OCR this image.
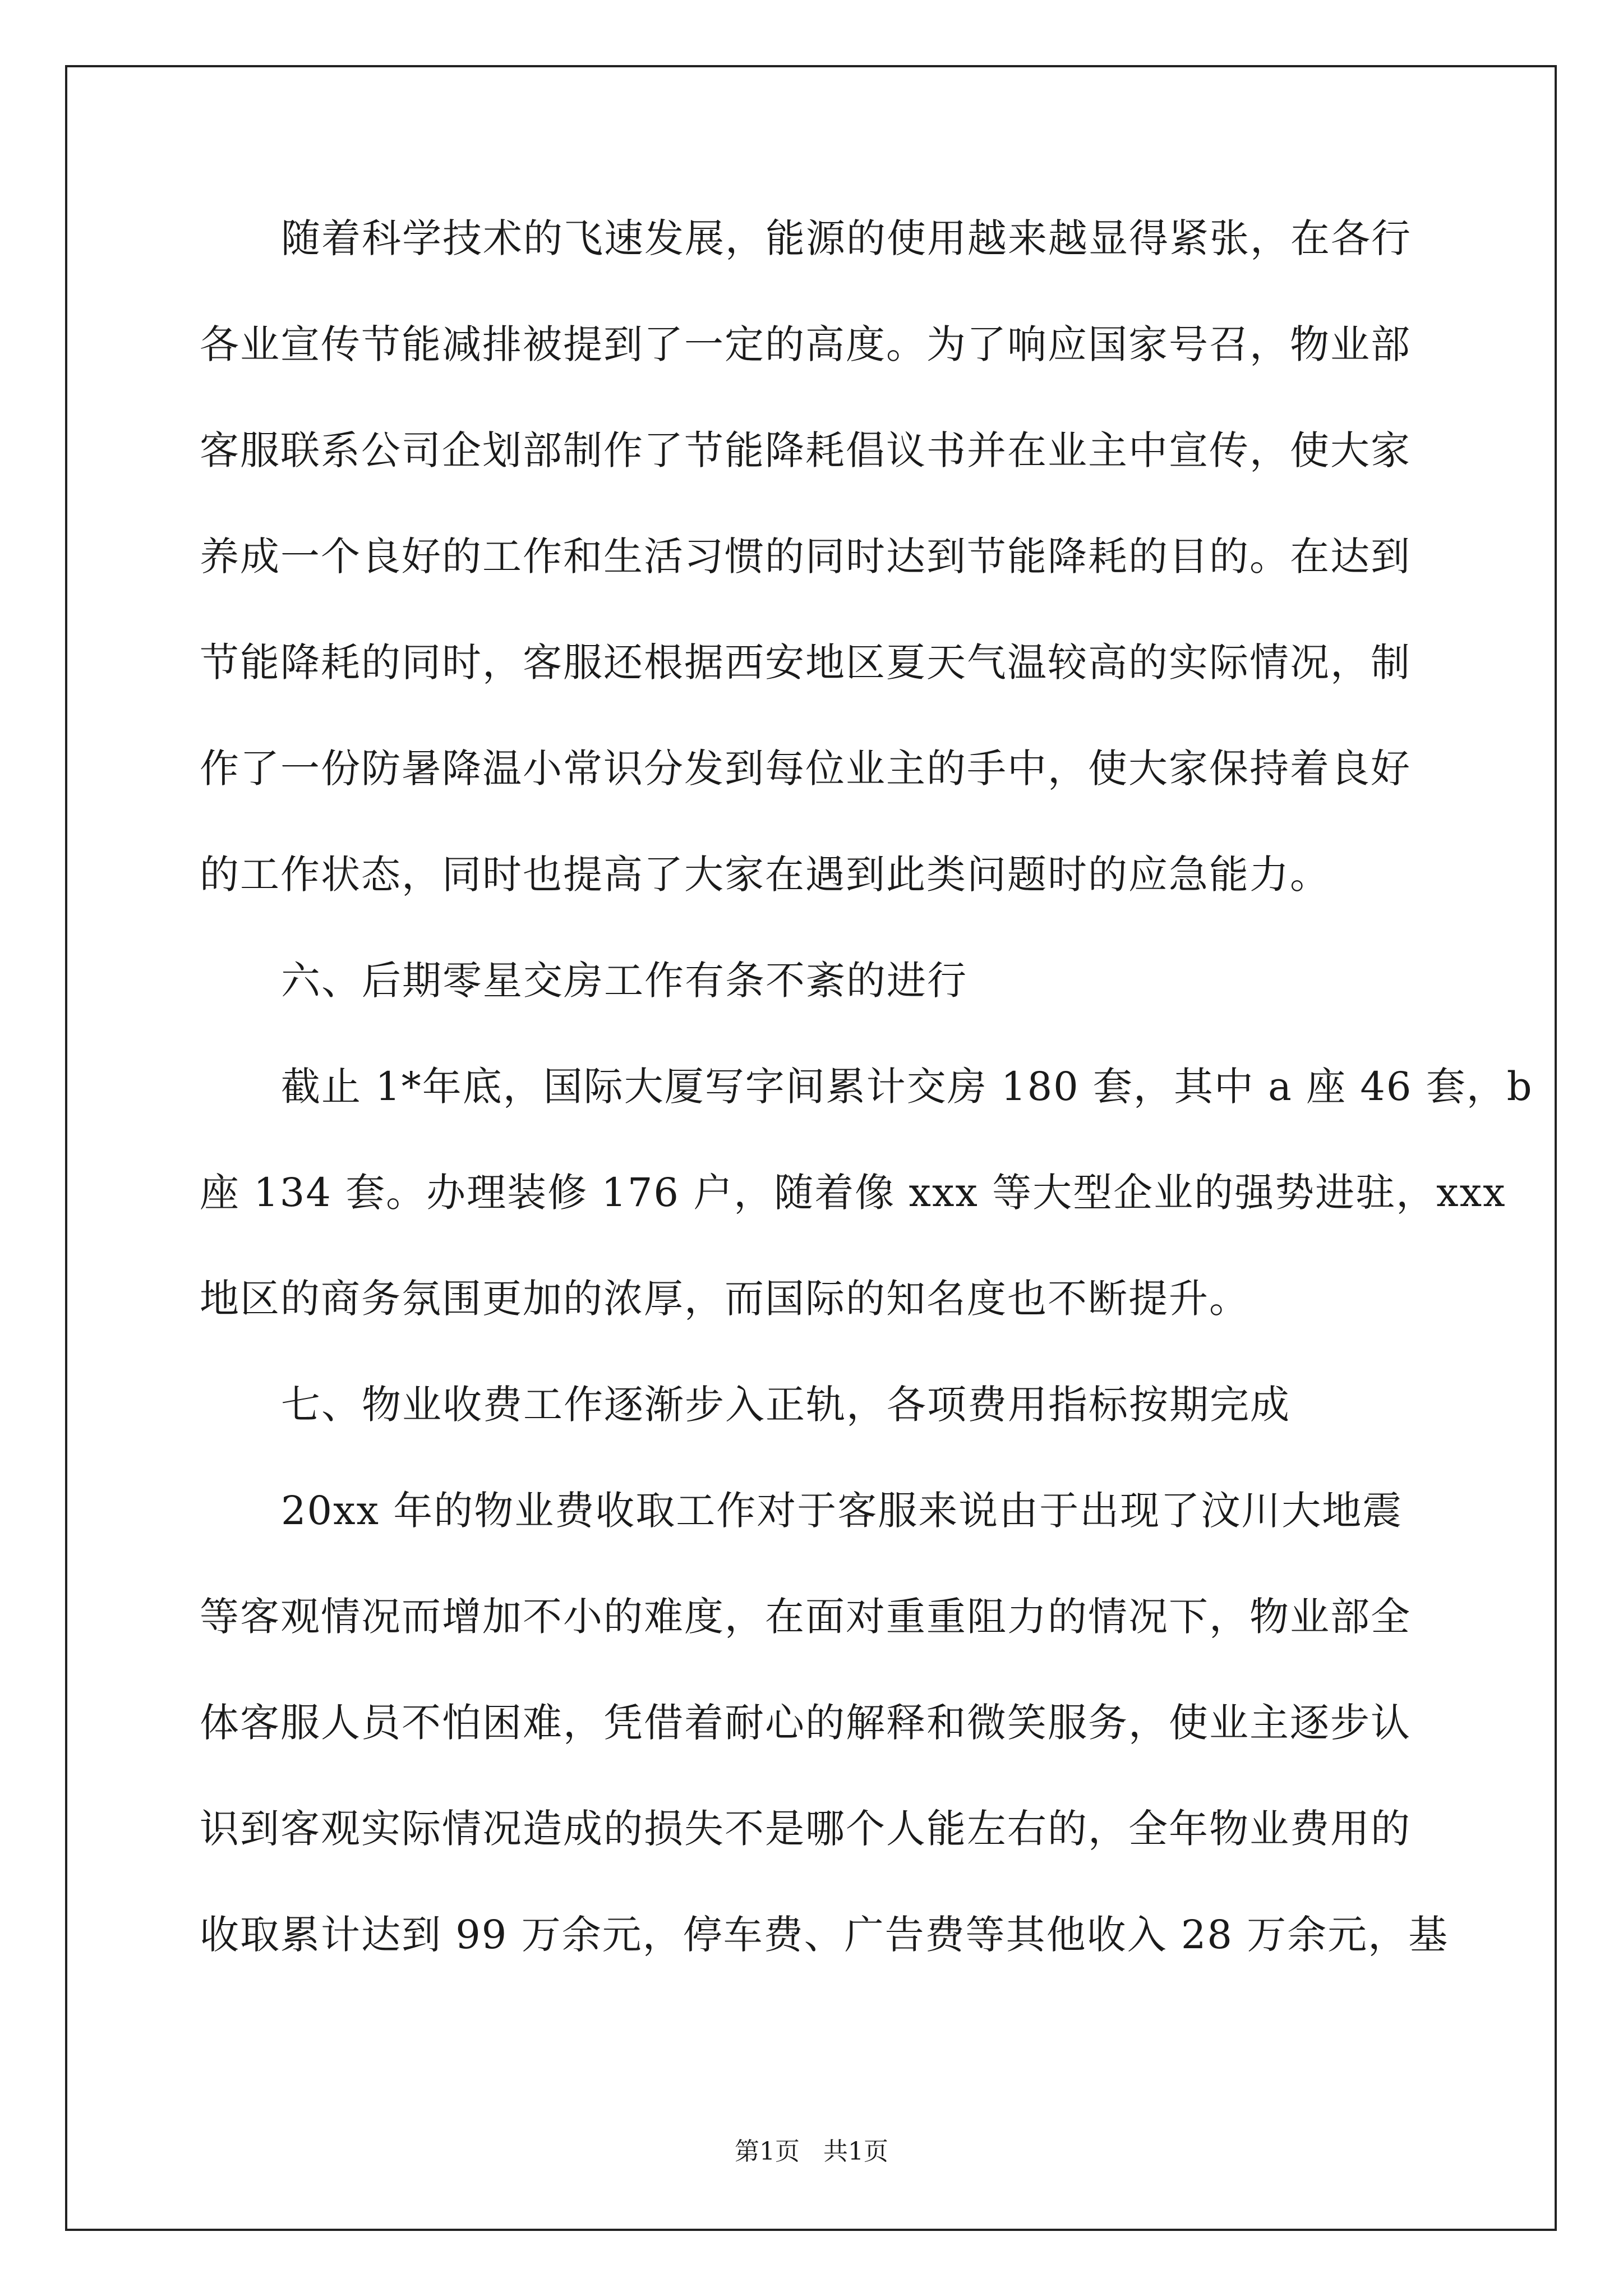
随着科学技术的飞速发展，能源的使用越来越显得紧张，在各行
各业宣传节能减排被提到了一定的高度。为了响应国家号召，物业部
客服联系公司企划部制作了节能降耗倡议书并在业主中宣传，使大家
养成一个良好的工作和生活习惯的同时达到节能降耗的目的。在达到
节能降耗的同时，客服还根据西安地区夏天气温较高的实际情况，制
作了一份防暑降温小常识分发到每位业主的手中，使大家保持着良好
的工作状态，同时也提高了大家在遇到此类问题时的应急能力。
六、后期零星交房工作有条不紊的进行
截止 1*年底，国际大厦写字间累计交房 180 套，其中 a 座 46 套，b
座 134 套。办理装修 176 户，随着像 xxx 等大型企业的强势进驻，xxx
地区的商务氛围更加的浓厚，而国际的知名度也不断提升。
七、物业收费工作逐渐步入正轨，各项费用指标按期完成
20xx 年的物业费收取工作对于客服来说由于出现了汶川大地震
等客观情况而增加不小的难度，在面对重重阻力的情况下，物业部全
体客服人员不怕困难，凭借着耐心的解释和微笑服务，使业主逐步认
识到客观实际情况造成的损失不是哪个人能左右的，全年物业费用的
收取累计达到 99 万余元，停车费、广告费等其他收入 28 万余元，基
第1页   共1页
